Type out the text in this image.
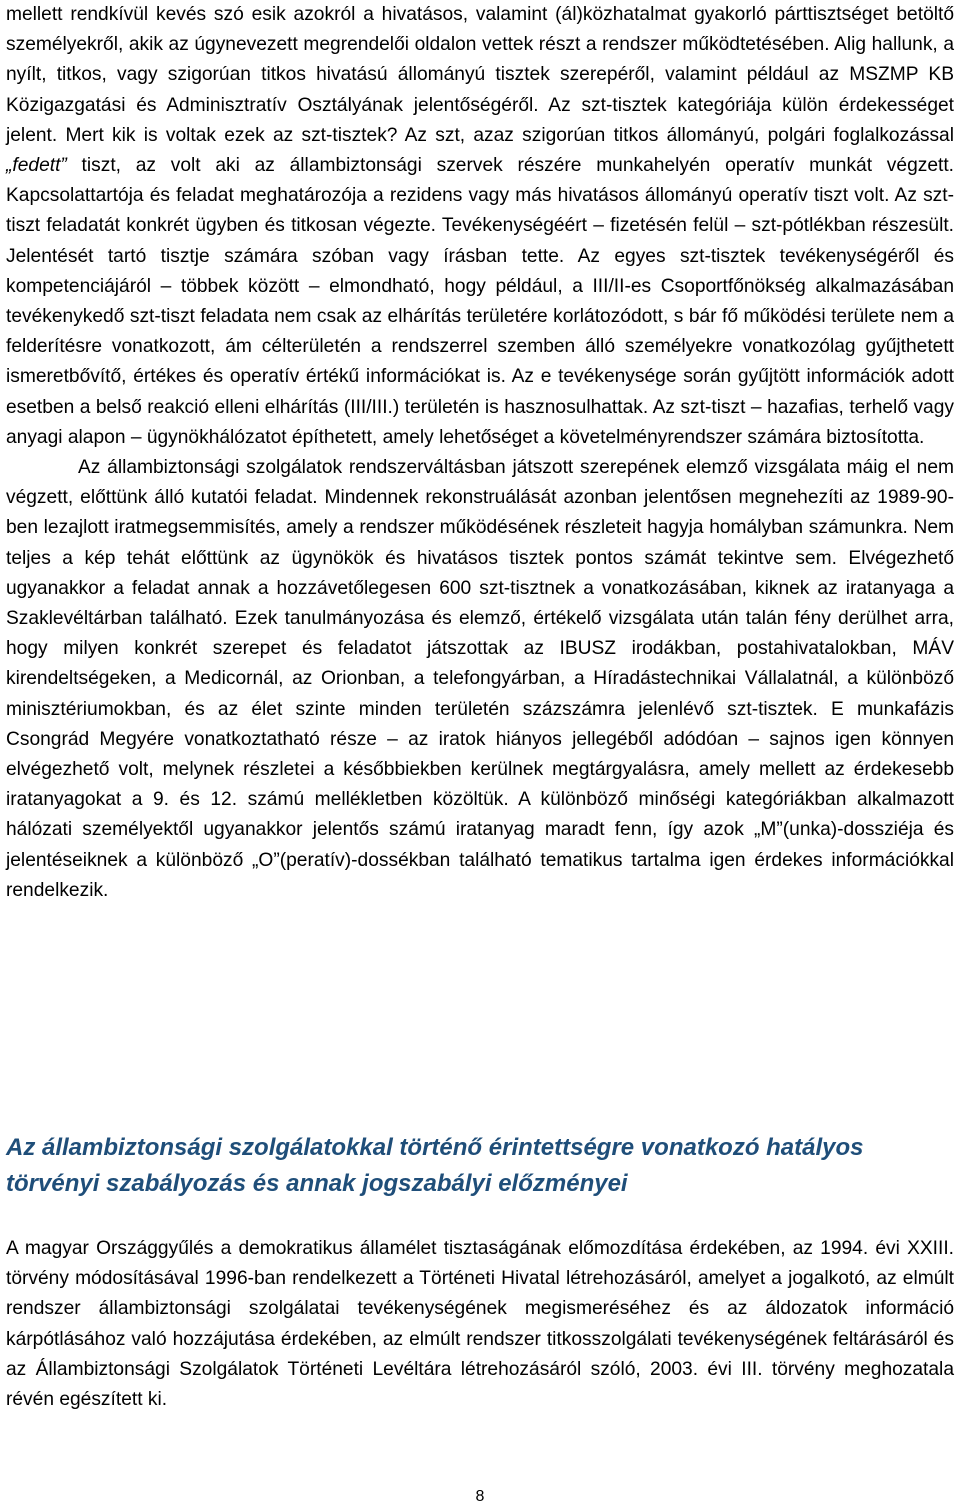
mellett rendkívül kevés szó esik azokról a hivatásos, valamint (ál)közhatalmat gyakorló párttisztséget betöltő személyekről, akik az úgynevezett megrendelői oldalon vettek részt a rendszer működtetésében. Alig hallunk, a nyílt, titkos, vagy szigorúan titkos hivatású állományú tisztek szerepéről, valamint például az MSZMP KB Közigazgatási és Adminisztratív Osztályának jelentőségéről. Az szt-tisztek kategóriája külön érdekességet jelent. Mert kik is voltak ezek az szt-tisztek? Az szt, azaz szigorúan titkos állományú, polgári foglalkozással „fedett” tiszt, az volt aki az állambiztonsági szervek részére munkahelyén operatív munkát végzett. Kapcsolattartója és feladat meghatározója a rezidens vagy más hivatásos állományú operatív tiszt volt. Az szt-tiszt feladatát konkrét ügyben és titkosan végezte. Tevékenységéért – fizetésén felül – szt-pótlékban részesült. Jelentését tartó tisztje számára szóban vagy írásban tette. Az egyes szt-tisztek tevékenységéről és kompetenciájáról – többek között – elmondható, hogy például, a III/II-es Csoportfőnökség alkalmazásában tevékenykedő szt-tiszt feladata nem csak az elhárítás területére korlátozódott, s bár fő működési területe nem a felderítésre vonatkozott, ám célterületén a rendszerrel szemben álló személyekre vonatkozólag gyűjthetett ismeretbővítő, értékes és operatív értékű információkat is. Az e tevékenysége során gyűjtött információk adott esetben a belső reakció elleni elhárítás (III/III.) területén is hasznosulhattak. Az szt-tiszt – hazafias, terhelő vagy anyagi alapon – ügynökhálózatot építhetett, amely lehetőséget a követelményrendszer számára biztosította.
Az állambiztonsági szolgálatok rendszerváltásban játszott szerepének elemző vizsgálata máig el nem végzett, előttünk álló kutatói feladat. Mindennek rekonstruálását azonban jelentősen megnehezíti az 1989-90-ben lezajlott iratmegsemmisítés, amely a rendszer működésének részleteit hagyja homályban számunkra. Nem teljes a kép tehát előttünk az ügynökök és hivatásos tisztek pontos számát tekintve sem. Elvégezhető ugyanakkor a feladat annak a hozzávetőlegesen 600 szt-tisztnek a vonatkozásában, kiknek az iratanyaga a Szaklevéltárban található. Ezek tanulmányozása és elemző, értékelő vizsgálata után talán fény derülhet arra, hogy milyen konkrét szerepet és feladatot játszottak az IBUSZ irodákban, postahivatalokban, MÁV kirendeltségeken, a Medicornál, az Orionban, a telefongyárban, a Híradástechnikai Vállalatnál, a különböző minisztériumokban, és az élet szinte minden területén százszámra jelenlévő szt-tisztek. E munkafázis Csongrád Megyére vonatkoztatható része – az iratok hiányos jellegéből adódóan – sajnos igen könnyen elvégezhető volt, melynek részletei a későbbiekben kerülnek megtárgyalásra, amely mellett az érdekesebb iratanyagokat a 9. és 12. számú mellékletben közöltük. A különböző minőségi kategóriákban alkalmazott hálózati személyektől ugyanakkor jelentős számú iratanyag maradt fenn, így azok „M”(unka)-dossziéja és jelentéseiknek a különböző „O”(peratív)-dossékban található tematikus tartalma igen érdekes információkkal rendelkezik.

Az állambiztonsági szolgálatokkal történő érintettségre vonatkozó hatályos törvényi szabályozás és annak jogszabályi előzményei

A magyar Országgyűlés a demokratikus államélet tisztaságának előmozdítása érdekében, az 1994. évi XXIII. törvény módosításával 1996-ban rendelkezett a Történeti Hivatal létrehozásáról, amelyet a jogalkotó, az elmúlt rendszer állambiztonsági szolgálatai tevékenységének megismeréséhez és az áldozatok információ kárpótlásához való hozzájutása érdekében, az elmúlt rendszer titkosszolgálati tevékenységének feltárásáról és az Állambiztonsági Szolgálatok Történeti Levéltára létrehozásáról szóló, 2003. évi III. törvény meghozatala révén egészített ki.

8
